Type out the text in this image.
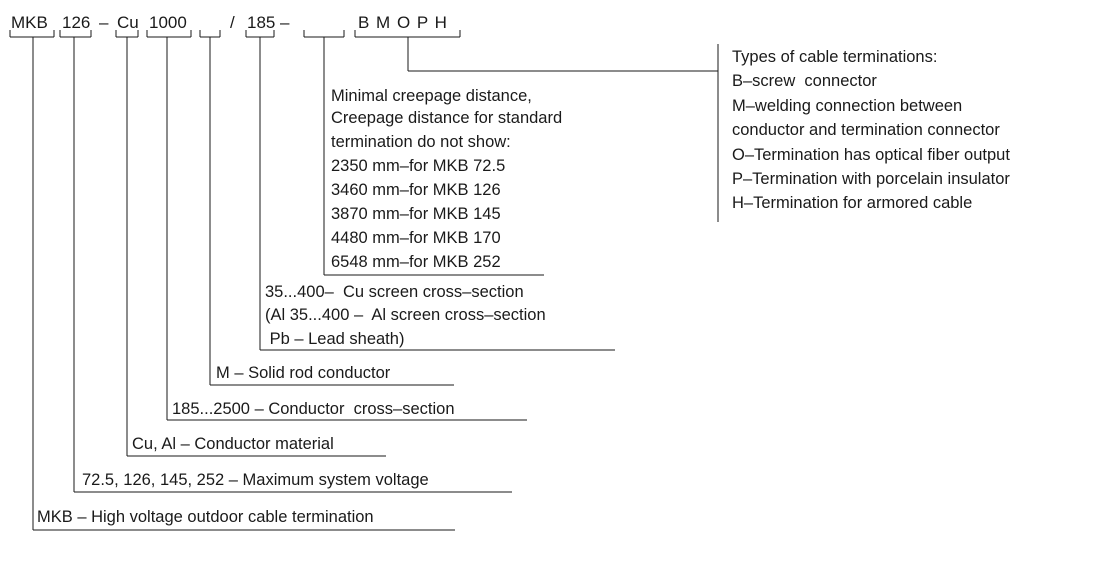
MKB 126 – Cu 1000	/ 185 –	B M O P H
Minimal creepage distance,
Creepage distance for standard
termination do not show:
2350 mm–for MKB 72.5
3460 mm–for MKB 126
3870 mm–for MKB 145
4480 mm–for MKB 170
6548 mm–for MKB 252
Types of cable terminations:
B–screw  connector
M–welding connection between
conductor and termination connector
O–Termination has optical fiber output
P–Termination with porcelain insulator
H–Termination for armored cable
35...400–  Cu screen cross–section
(Al 35...400 –  Al screen cross–section
Pb – Lead sheath)
M – Solid rod conductor
185...2500 – Conductor  cross–section
Cu, Al – Conductor material
72.5, 126, 145, 252 – Maximum system voltage
MKB – High voltage outdoor cable termination
